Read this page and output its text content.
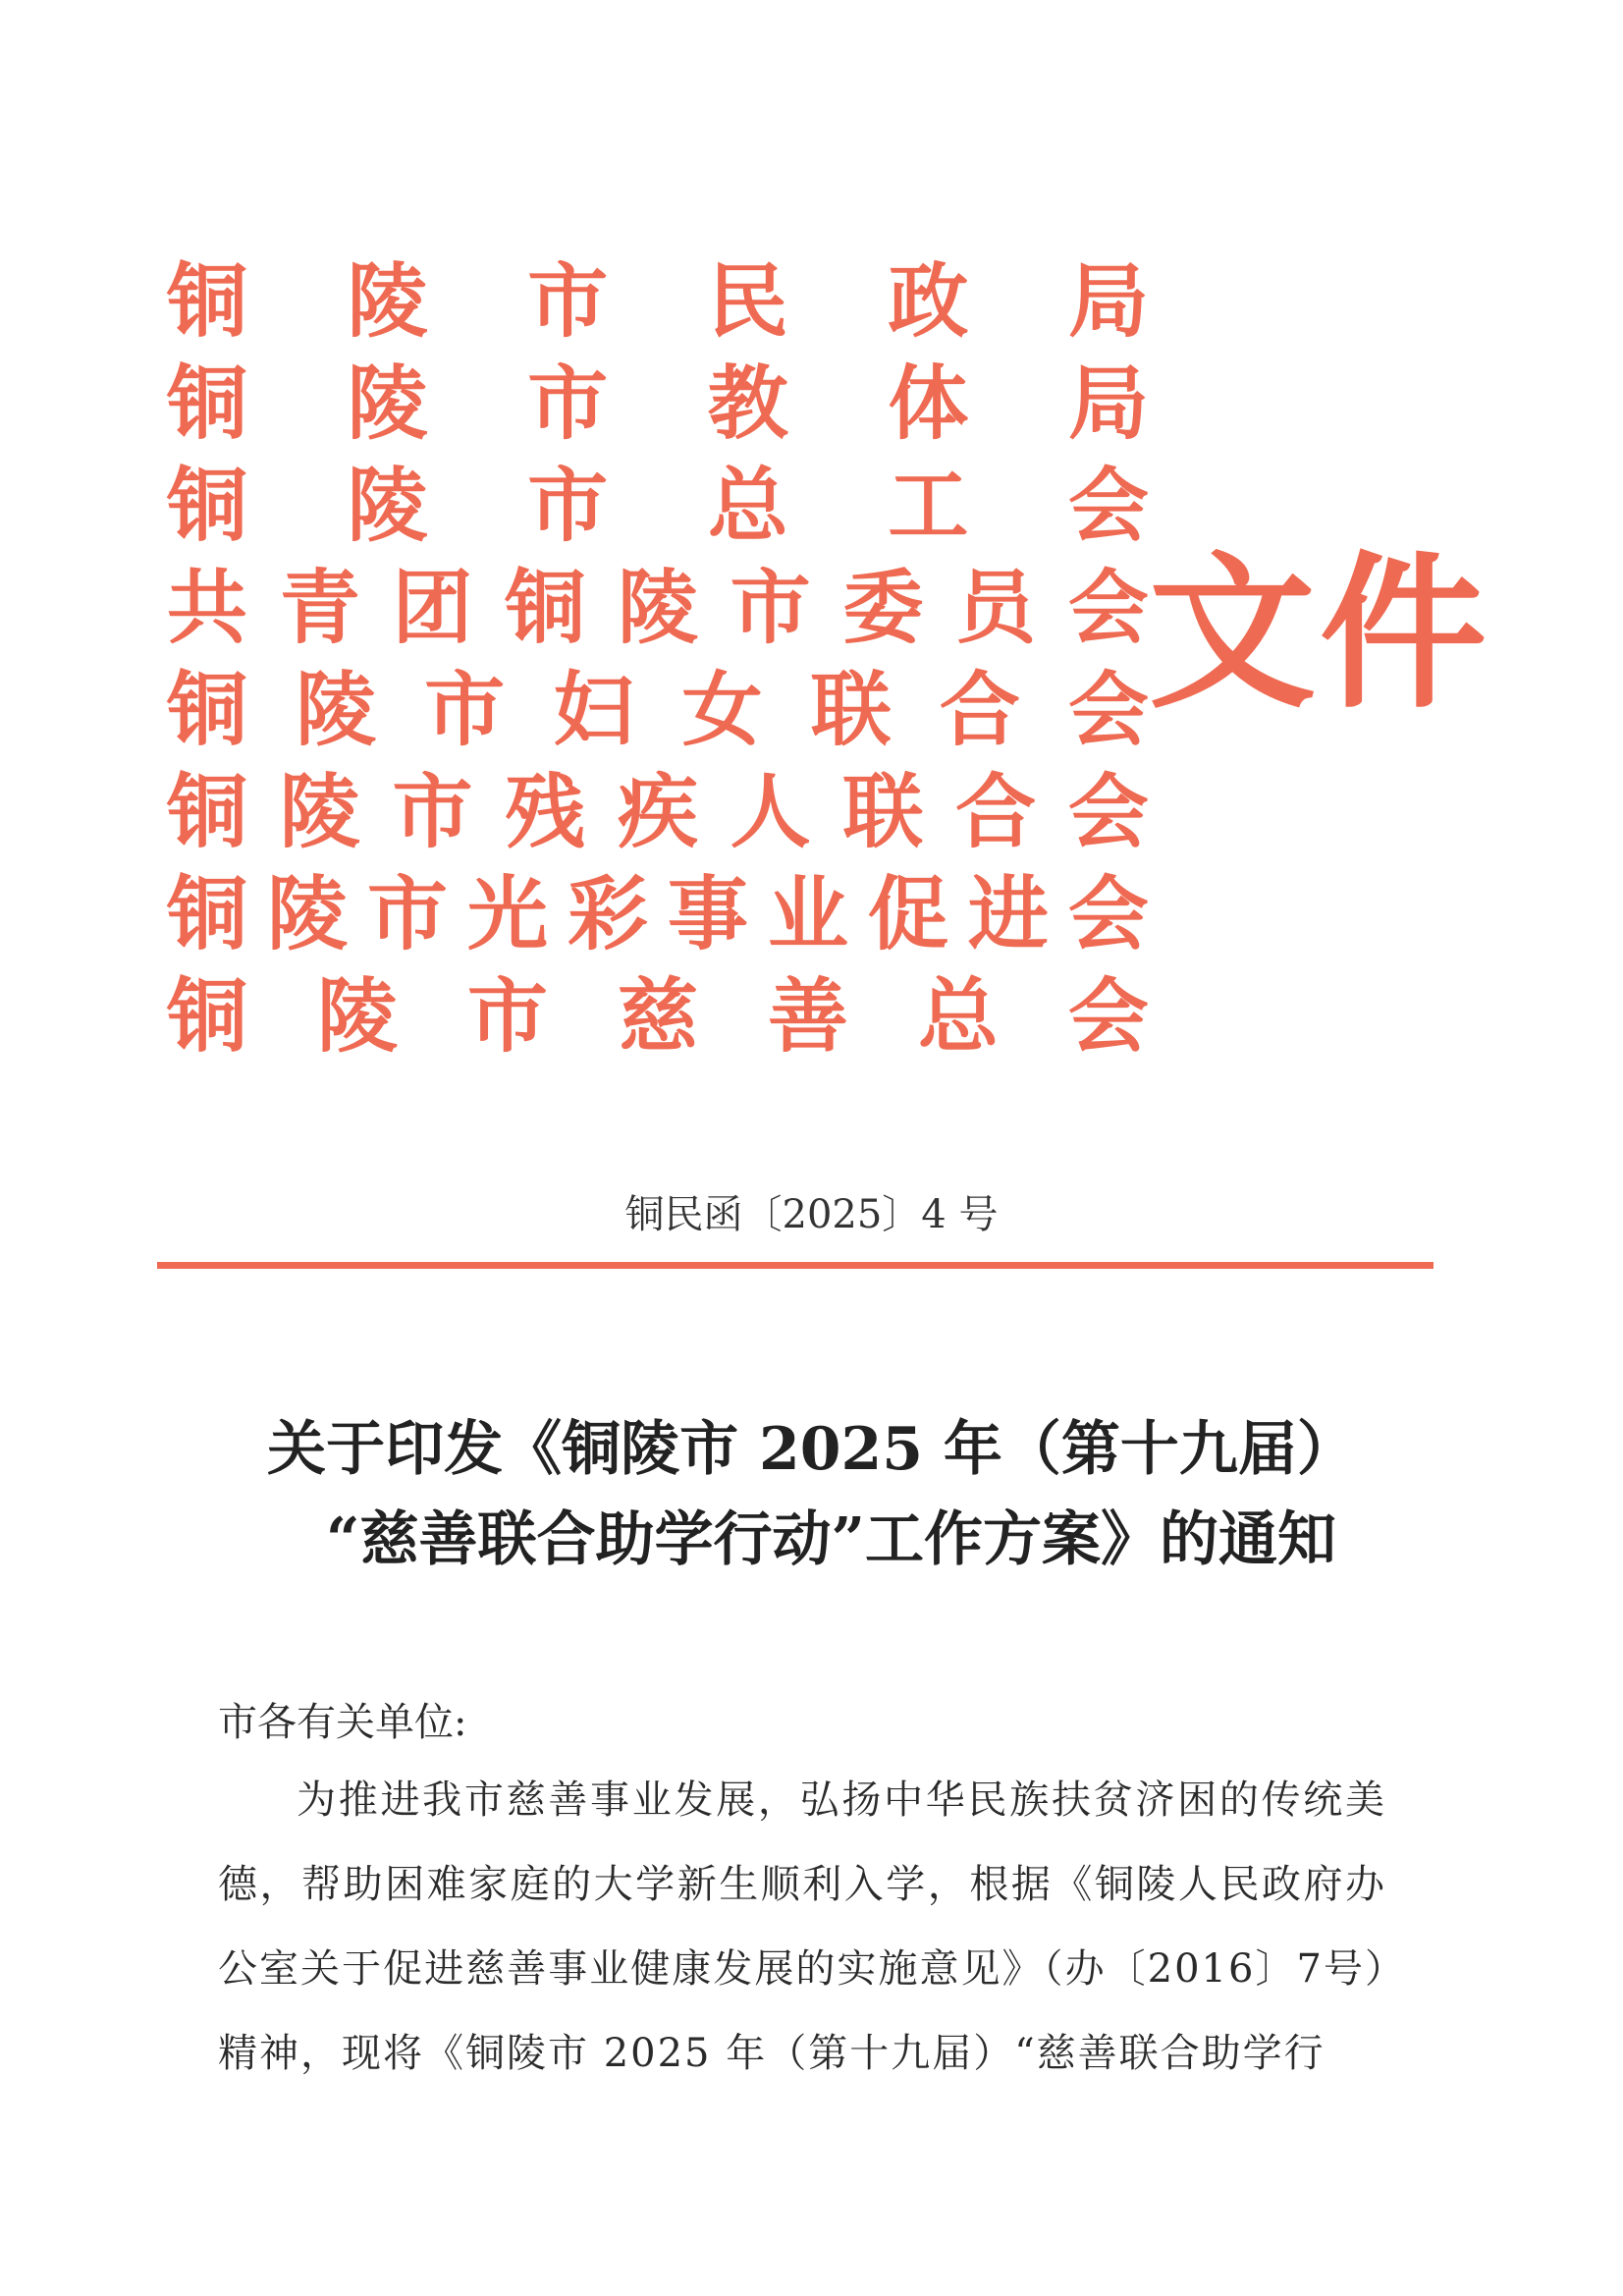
铜 陵 市 民 政 局
铜 陵 市 教 体 局
铜 陵 市 总 工 会
共 青 团 铜 陵 市 委 员 会
铜 陵 市 妇 女 联 合 会
铜 陵 市 残 疾 人 联 合 会
铜 陵 市 光 彩 事 业 促 进 会
铜 陵 市 慈 善 总 会
文件
铜民函〔2025〕4 号
关于印发《铜陵市 2025 年（第十九届）

“慈善联合助学行动”工作方案》的通知
市各有关单位:

为推进我市慈善事业发展，弘扬中华民族扶贫济困的传统美德，帮助困难家庭的大学新生顺利入学，根据《铜陵人民政府办公室关于促进慈善事业健康发展的实施意见》（办〔2016〕7号）精神，现将《铜陵市 2025 年（第十九届）“慈善联合助学行
